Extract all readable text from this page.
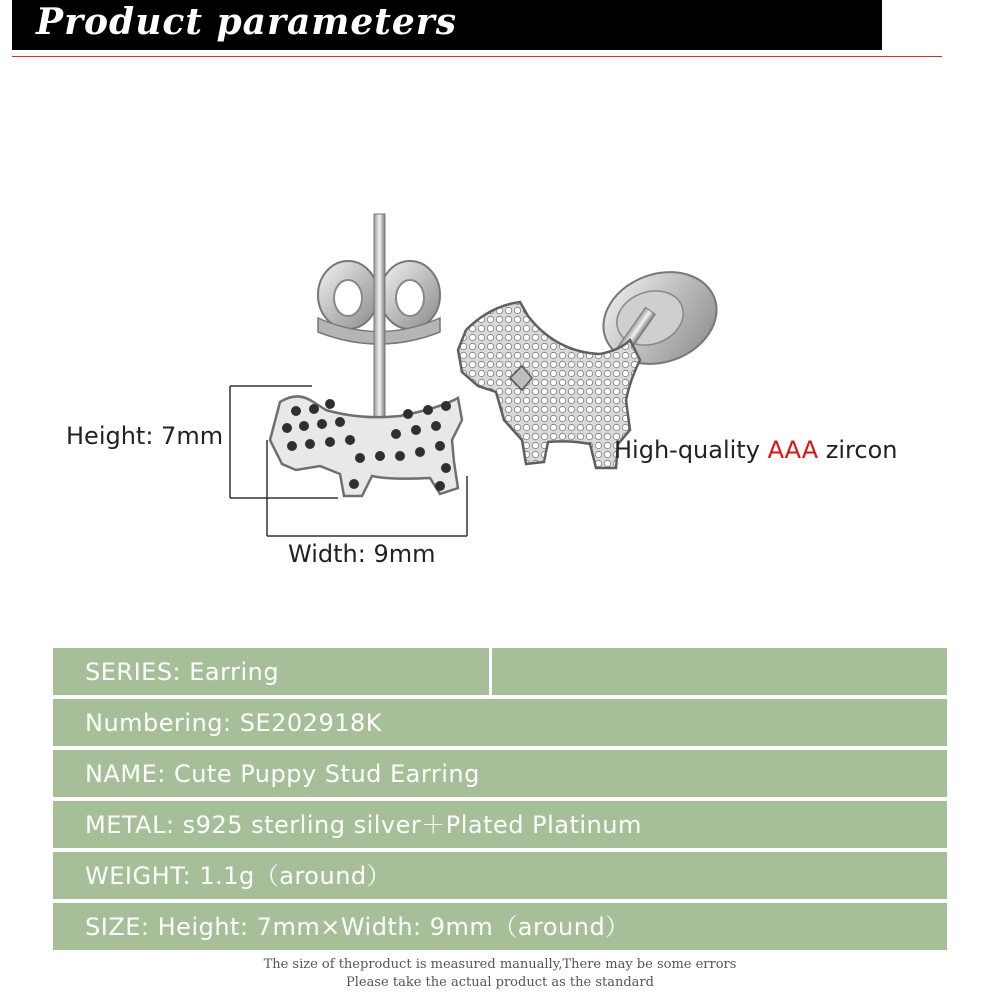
Product parameters
Height: 7mm
Width: 9mm
High-quality AAA zircon
SERIES: Earring
Numbering: SE202918K
NAME: Cute Puppy Stud Earring
METAL: s925 sterling silver＋Plated Platinum
WEIGHT: 1.1g（around）
SIZE: Height: 7mm×Width: 9mm（around）
The size of theproduct is measured manually,There may be some errors
Please take the actual product as the standard
